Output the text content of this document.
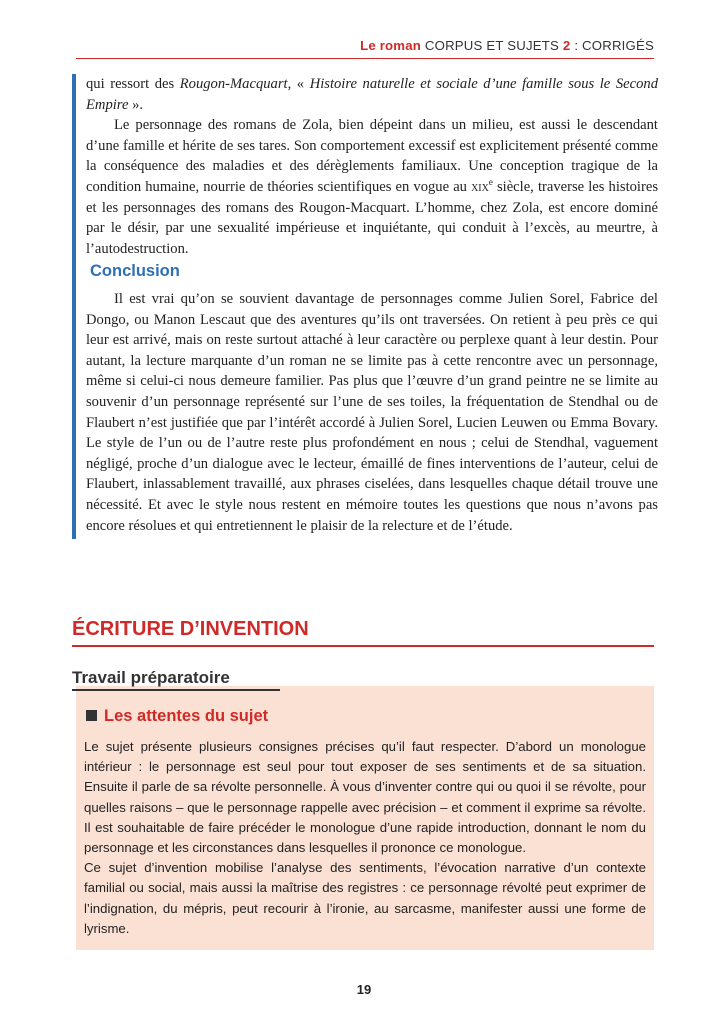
Le roman CORPUS ET SUJETS 2 : CORRIGÉS

qui ressort des Rougon-Macquart, « Histoire naturelle et sociale d’une famille sous le Second Empire ».

Le personnage des romans de Zola, bien dépeint dans un milieu, est aussi le descendant d’une famille et hérite de ses tares. Son comportement excessif est explicitement présenté comme la conséquence des maladies et des dérèglements familiaux. Une conception tragique de la condition humaine, nourrie de théories scientifiques en vogue au xix$^e$ siècle, traverse les histoires et les personnages des romans des Rougon-Macquart. L’homme, chez Zola, est encore dominé par le désir, par une sexualité impérieuse et inquiétante, qui conduit à l’excès, au meurtre, à l’autodestruction.

Conclusion

Il est vrai qu’on se souvient davantage de personnages comme Julien Sorel, Fabrice del Dongo, ou Manon Lescaut que des aventures qu’ils ont traversées. On retient à peu près ce qui leur est arrivé, mais on reste surtout attaché à leur caractère ou perplexe quant à leur destin. Pour autant, la lecture marquante d’un roman ne se limite pas à cette rencontre avec un personnage, même si celui-ci nous demeure familier. Pas plus que l’œuvre d’un grand peintre ne se limite au souvenir d’un personnage représenté sur l’une de ses toiles, la fréquentation de Stendhal ou de Flaubert n’est justifiée que par l’intérêt accordé à Julien Sorel, Lucien Leuwen ou Emma Bovary. Le style de l’un ou de l’autre reste plus profondément en nous ; celui de Stendhal, vaguement négligé, proche d’un dialogue avec le lecteur, émaillé de fines interventions de l’auteur, celui de Flaubert, inlassablement travaillé, aux phrases ciselées, dans lesquelles chaque détail trouve une nécessité. Et avec le style nous restent en mémoire toutes les questions que nous n’avons pas encore résolues et qui entretiennent le plaisir de la relecture et de l’étude.

ÉCRITURE D’INVENTION
Travail préparatoire
Les attentes du sujet

Le sujet présente plusieurs consignes précises qu’il faut respecter. D’abord un monologue intérieur : le personnage est seul pour tout exposer de ses sentiments et de sa situation. Ensuite il parle de sa révolte personnelle. À vous d’inventer contre qui ou quoi il se révolte, pour quelles raisons – que le personnage rappelle avec précision – et comment il exprime sa révolte. Il est souhaitable de faire précéder le monologue d’une rapide introduction, donnant le nom du personnage et les circonstances dans lesquelles il prononce ce monologue.

Ce sujet d’invention mobilise l’analyse des sentiments, l’évocation narrative d’un contexte familial ou social, mais aussi la maîtrise des registres : ce personnage révolté peut exprimer de l’indignation, du mépris, peut recourir à l’ironie, au sarcasme, manifester aussi une forme de lyrisme.

19
